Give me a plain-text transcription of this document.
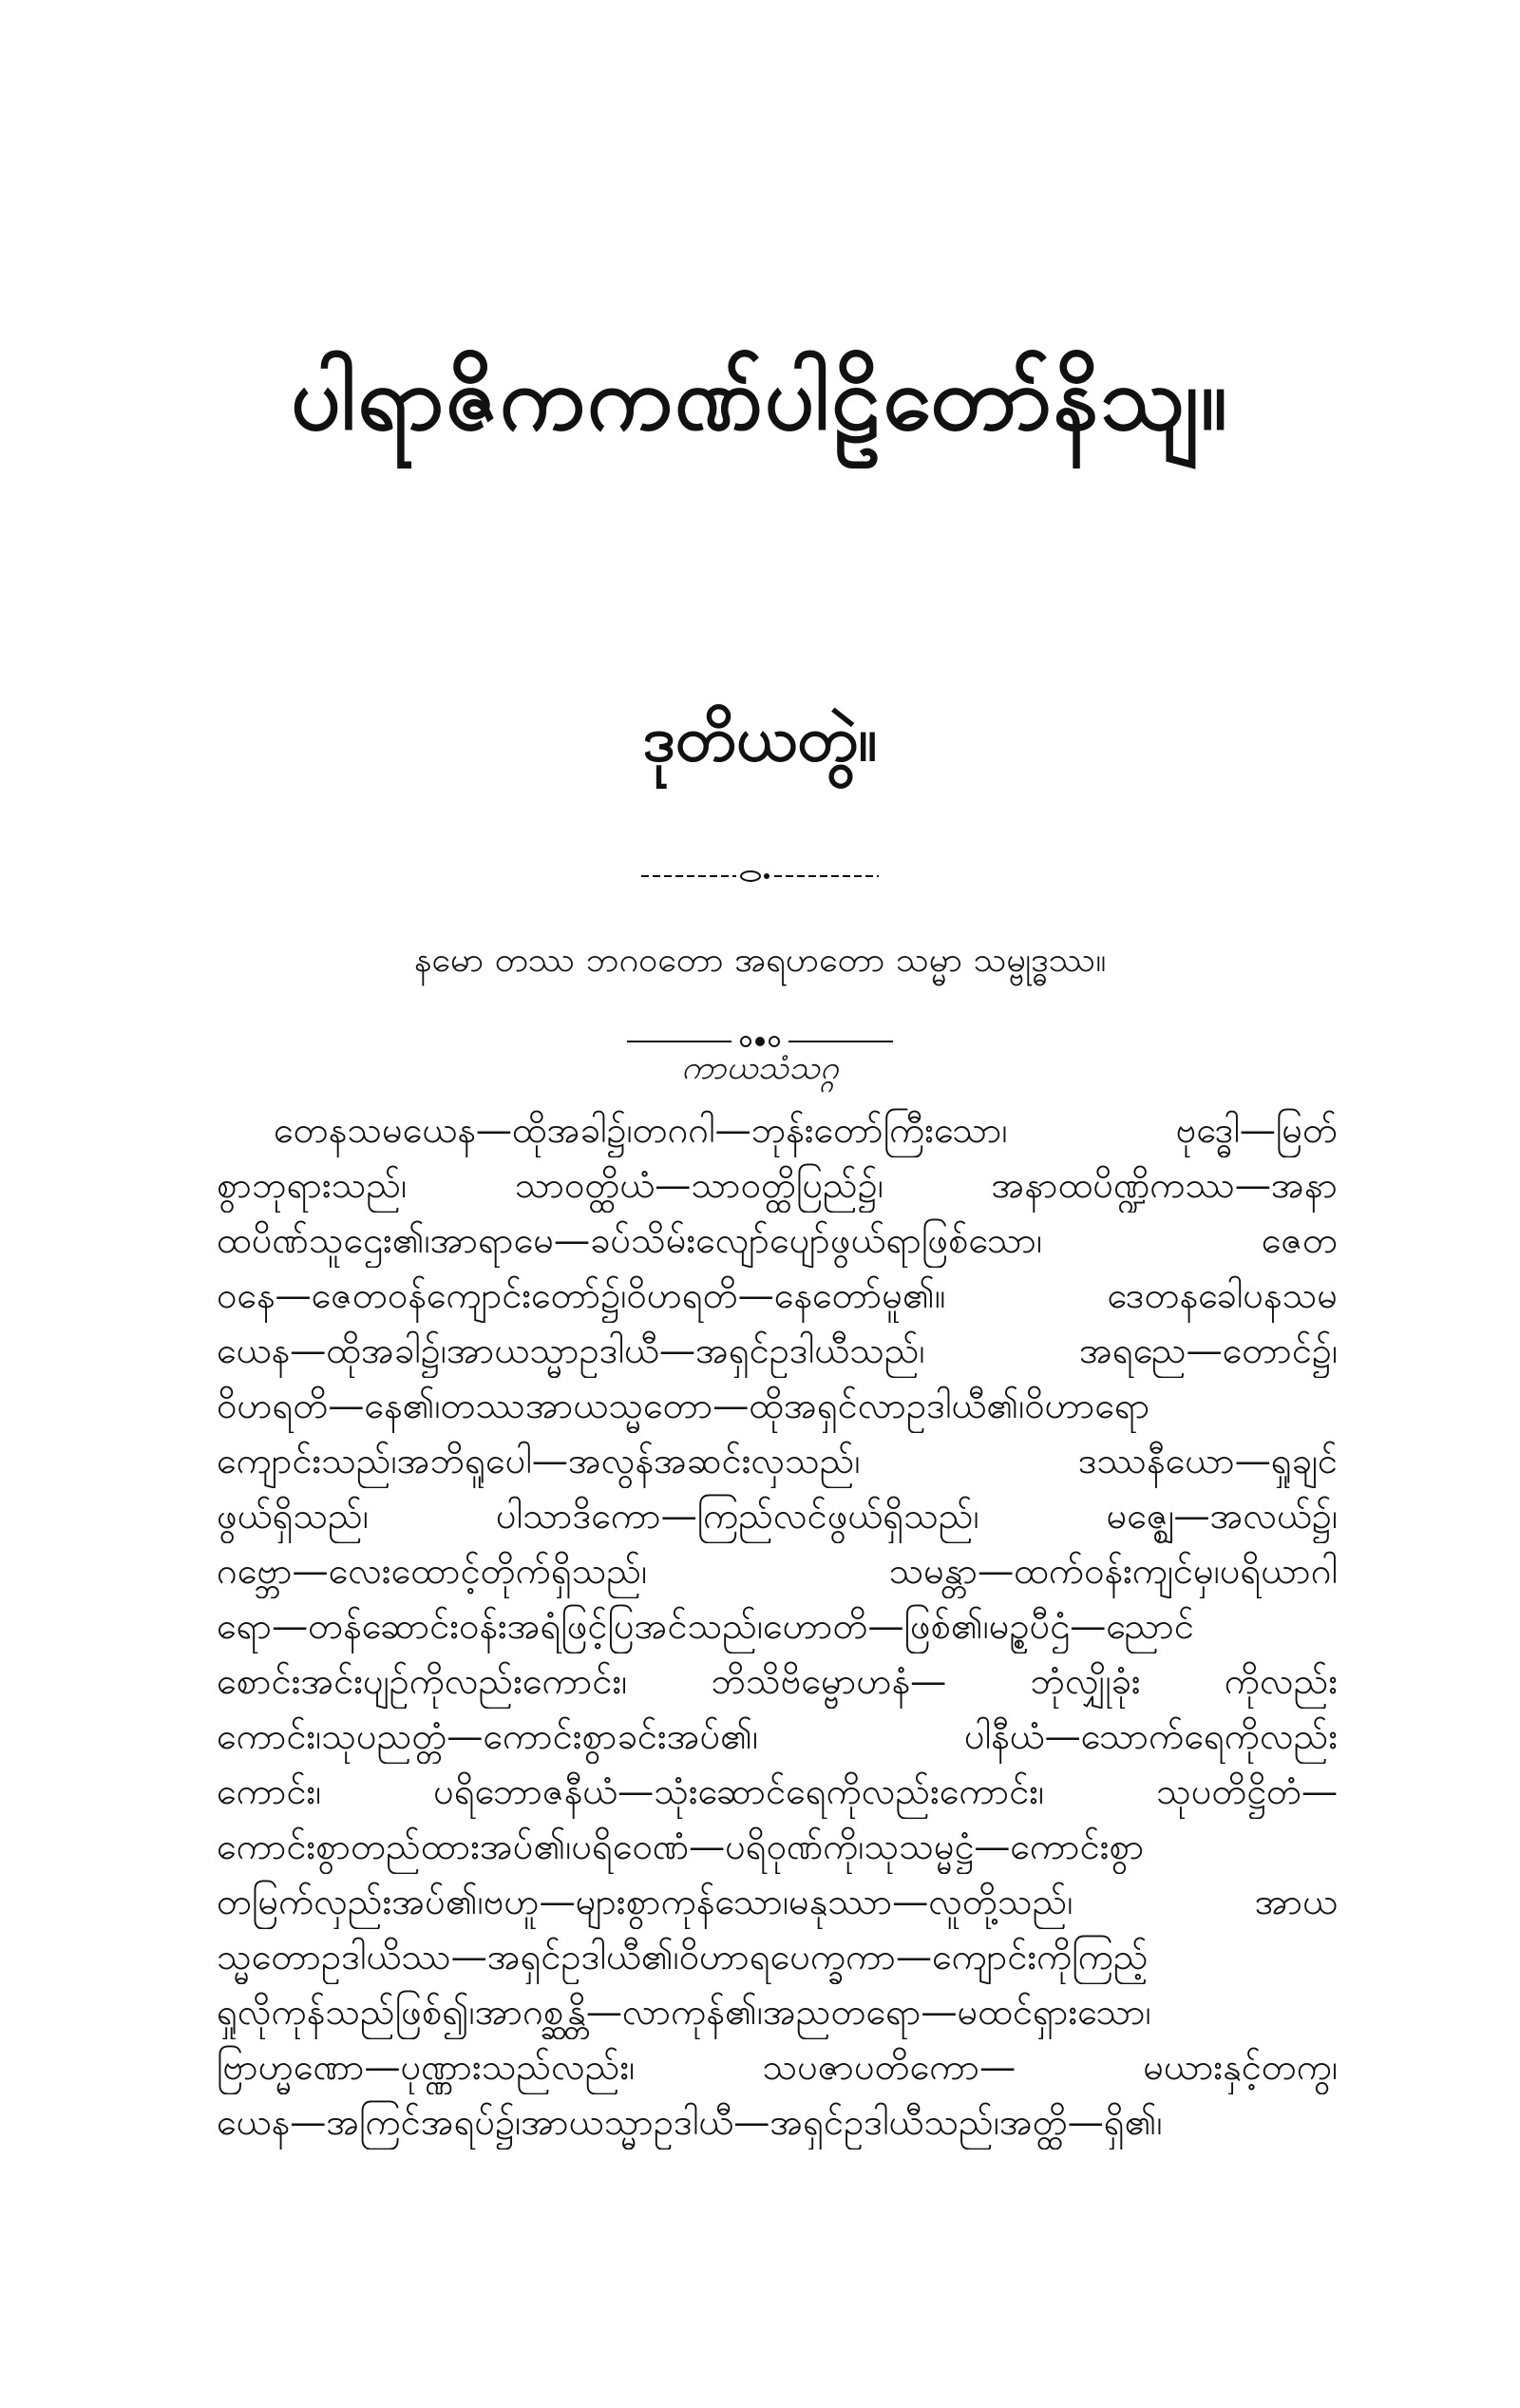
ပါရာဇိကကဏ်ပါဠိတော်နိသျ။
ဒုတိယတွဲ။
နမော တဿ ဘဂဝတော အရဟတော သမ္မာ သမ္ဗုဒ္ဓဿ။
ကာယသံသဂ္ဂ
တေနသမယေန—ထိုအခါ၌၊တဂဂါ—ဘုန်းတော်ကြီးသော၊ ဗုဒ္ဓေါ—မြတ်
စွာဘုရားသည်၊ သာဝတ္ထိယံ—သာဝတ္ထိပြည်၌၊ အနာထပိဏ္ဍိကဿ—အနာ
ထပိဏ်သူဌေး၏၊အာရာမေ—ခပ်သိမ်းလျော်ပျော်ဖွယ်ရာဖြစ်သော၊ ဇေတ
ဝနေ—ဇေတဝန်ကျောင်းတော်၌၊ဝိဟရတိ—နေတော်မူ၏။ ဒေတနခေါပနသမ
ယေန—ထိုအခါ၌၊အာယသ္မာဥဒါယီ—အရှင်ဥဒါယီသည်၊ အရညေ—တောင်၌၊
ဝိဟရတိ—နေ၏၊တဿအာယသ္မတော—ထိုအရှင်လာဥဒါယီ၏၊ဝိဟာရော
ကျောင်းသည်၊အဘိရူပေါ—အလွန်အဆင်းလှသည်၊ ဒဿနီယော—ရှုချင်
ဖွယ်ရှိသည်၊ ပါသာဒိကော—ကြည်လင်ဖွယ်ရှိသည်၊ မဇ္ဈေ—အလယ်၌၊
ဂဗ္ဘော—လေးထောင့်တိုက်ရှိသည်၊ သမန္တာ—ထက်ဝန်းကျင်မှ၊ပရိယာဂါ
ရော—တန်ဆောင်းဝန်းအရံဖြင့်ပြအင်သည်၊ဟောတိ—ဖြစ်၏၊မဥ္စပီဌံ—ညောင်
စောင်းအင်းပျဉ်ကိုလည်းကောင်း၊ ဘိသိဗိမ္ဗောဟနံ— ဘုံလျှိုခုံး ကိုလည်း
ကောင်း၊သုပညတ္တံ—ကောင်းစွာခင်းအပ်၏၊ ပါနီယံ—သောက်ရေကိုလည်း
ကောင်း၊ ပရိဘောဇနီယံ—သုံးဆောင်ရေကိုလည်းကောင်း၊ သုပတိဋ္ဌိတံ—
ကောင်းစွာတည်ထားအပ်၏၊ပရိဝေဏံ—ပရိဝုဏ်ကို၊သုသမ္မဋ္ဌံ—ကောင်းစွာ
တမြက်လှည်းအပ်၏၊ဗဟူ—များစွာကုန်သော၊မနုဿာ—လူတို့သည်၊ အာယ
သ္မတောဥဒါယိဿ—အရှင်ဥဒါယီ၏၊ဝိဟာရပေက္ခကာ—ကျောင်းကိုကြည့်
ရှုလိုကုန်သည်ဖြစ်၍၊အာဂစ္ဆန္တိ—လာကုန်၏၊အညတရော—မထင်ရှားသော၊
ဗြာဟ္မဏော—ပုဏ္ဏားသည်လည်း၊ သပဇာပတိကော— မယားနှင့်တကွ၊
ယေန—အကြင်အရပ်၌၊အာယသ္မာဥဒါယီ—အရှင်ဥဒါယီသည်၊အတ္ထိ—ရှိ၏၊
